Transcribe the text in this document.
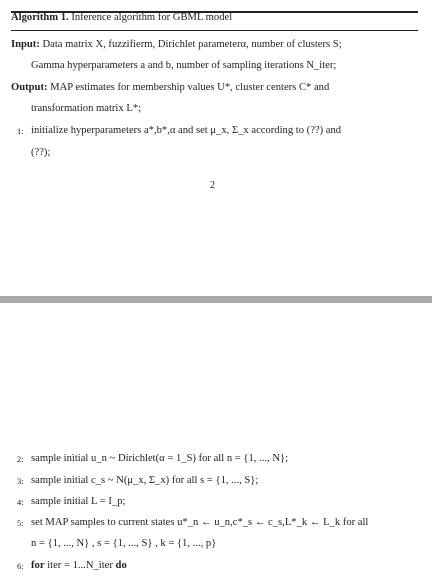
Algorithm 1. Inference algorithm for GBML model
Input: Data matrix X, fuzzifierm, Dirichlet parameterα, number of clusters S;
Gamma hyperparameters a and b, number of sampling iterations N_iter;
Output: MAP estimates for membership values U*, cluster centers C* and
transformation matrix L*;
1: initialize hyperparameters a*,b*,α and set μ_x, Σ_x according to (??) and
(??);
2
2: sample initial u_n ~ Dirichlet(α = 1_S) for all n = {1, ..., N};
3: sample initial c_s ~ N(μ_x, Σ_x) for all s = {1, ..., S};
4: sample initial L = I_p;
5: set MAP samples to current states u*_n ← u_n,c*_s ← c_s,L*_k ← L_k for all
n = {1, ..., N} , s = {1, ..., S} , k = {1, ..., p}
6: for iter = 1...N_iter do
